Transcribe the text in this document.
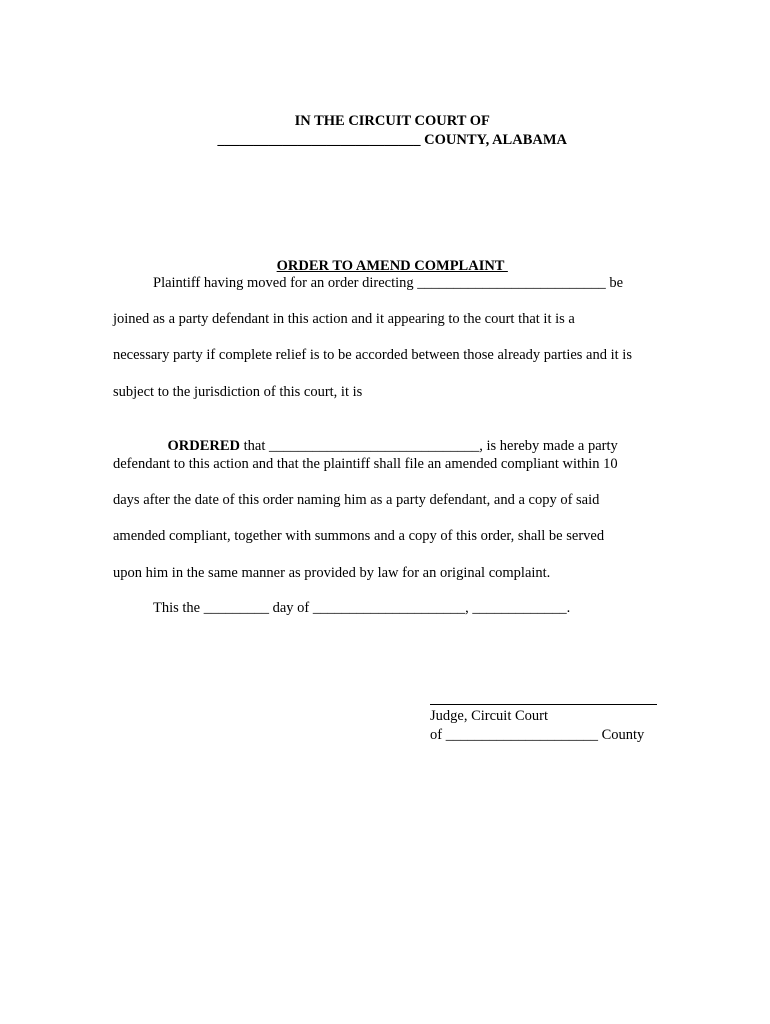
IN THE CIRCUIT COURT OF

____________________________ COUNTY, ALABAMA

ORDER TO AMEND COMPLAINT

Plaintiff having moved for an order directing __________________________ be
joined as a party defendant in this action and it appearing to the court that it is a
necessary party if complete relief is to be accorded between those already parties and it is
subject to the jurisdiction of this court, it is

ORDERED that _____________________________, is hereby made a party

defendant to this action and that the plaintiff shall file an amended compliant within 10
days after the date of this order naming him as a party defendant, and a copy of said
amended compliant, together with summons and a copy of this order, shall be served
upon him in the same manner as provided by law for an original complaint.
This the _________ day of _____________________, _____________.
Judge, Circuit Court
of _____________________ County
